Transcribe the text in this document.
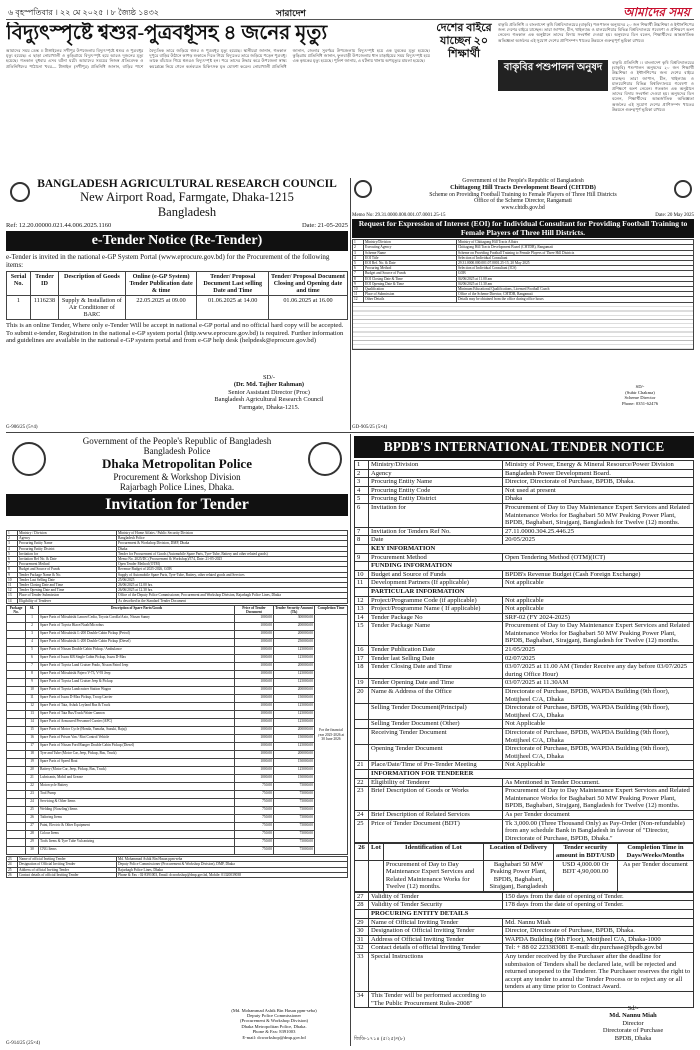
৬ বৃহস্পতিবার । ২২ মে ২০২৫ । ৮ জ্যৈষ্ঠ ১৪৩২	সারাদেশ	আমাদের সময়
বিদ্যুৎস্পৃষ্টে শ্বশুর-পুত্রবধূসহ ৪ জনের মৃত্যু
আমাদের সময় ডেস্ক ।। টাঙ্গাইলের সখীপুর উপজেলায় বিদ্যুৎস্পৃষ্টে শ্বশুর ও পুত্রবধূর মৃত্যু হয়েছে। এ ছাড়া নোয়াখালী ও কুড়িগ্রামে বিদ্যুৎস্পৃষ্ট হয়ে আরও দুজনের মৃত্যু হয়েছে। গতকাল বুধবার এসব ঘটনা ঘটে। আমাদের সময়ের নিজস্ব প্রতিবেদক ও প্রতিনিধিদের পাঠানো খবর— টাঙ্গাইল (সখীপুর) প্রতিনিধি জানান, বাড়ির পাশে বৈদ্যুতিক তারে জড়িয়ে শ্বশুর ও পুত্রবধূর মৃত্যু হয়েছে। স্থানীয়রা জানান, গতকাল দুপুরে বাড়ির উঠানে কাপড় শুকাতে দিতে গিয়ে বিদ্যুতের তারে জড়িয়ে পড়েন পুত্রবধূ। তাকে বাঁচাতে গিয়ে শ্বশুরও বিদ্যুৎস্পৃষ্ট হন। পরে তাদের উদ্ধার করে উপজেলা স্বাস্থ্য কমপ্লেক্সে নিয়ে গেলে কর্তব্যরত চিকিৎসক মৃত ঘোষণা করেন। নোয়াখালী প্রতিনিধি জানান, জেলার সুবর্ণচর উপজেলায় বিদ্যুৎস্পৃষ্ট হয়ে এক যুবকের মৃত্যু হয়েছে। কুড়িগ্রাম প্রতিনিধি জানান, ফুলবাড়ী উপজেলায় ধান মাড়াইয়ের সময় বিদ্যুৎস্পৃষ্ট হয়ে এক কৃষকের মৃত্যু হয়েছে। পুলিশ জানায়, এ ঘটনায় থানায় অপমৃত্যুর মামলা হয়েছে।
দেশের বাইরে যাচ্ছেন ২০ শিক্ষার্থী
বাকৃবির পশুপালন অনুষদ
বাকৃবি প্রতিনিধি ।। বাংলাদেশ কৃষি বিশ্ববিদ্যালয়ের (বাকৃবি) পশুপালন অনুষদের ২০ জন শিক্ষার্থী উচ্চশিক্ষা ও ইন্টার্নশিপের জন্য দেশের বাইরে যাচ্ছেন। তারা জাপান, চীন, থাইল্যান্ড ও মালয়েশিয়ার বিভিন্ন বিশ্ববিদ্যালয়ে গবেষণা ও প্রশিক্ষণে অংশ নেবেন। গতকাল এক অনুষ্ঠানে তাদের বিদায় সংবর্ধনা দেওয়া হয়। অনুষদের ডিন বলেন, শিক্ষার্থীদের আন্তর্জাতিক অভিজ্ঞতা অর্জনের এই সুযোগ দেশের প্রাণিসম্পদ খাতের উন্নয়নে গুরুত্বপূর্ণ ভূমিকা রাখবে।
বাকৃবি প্রতিনিধি ।। বাংলাদেশ কৃষি বিশ্ববিদ্যালয়ের (বাকৃবি) পশুপালন অনুষদের ২০ জন শিক্ষার্থী উচ্চশিক্ষা ও ইন্টার্নশিপের জন্য দেশের বাইরে যাচ্ছেন। তারা জাপান, চীন, থাইল্যান্ড ও মালয়েশিয়ার বিভিন্ন বিশ্ববিদ্যালয়ে গবেষণা ও প্রশিক্ষণে অংশ নেবেন। গতকাল এক অনুষ্ঠানে তাদের বিদায় সংবর্ধনা দেওয়া হয়। অনুষদের ডিন বলেন, শিক্ষার্থীদের আন্তর্জাতিক অভিজ্ঞতা অর্জনের এই সুযোগ দেশের প্রাণিসম্পদ খাতের উন্নয়নে গুরুত্বপূর্ণ ভূমিকা রাখবে।
BANGLADESH AGRICULTURAL RESEARCH COUNCIL
New Airport Road, Farmgate, Dhaka-1215
Bangladesh
Ref: 12.20.00000.021.44.006.2025.1160	Date: 21-05-2025
e-Tender Notice (Re-Tender)
e-Tender is invited in the national e-GP System Portal (www.eprocure.gov.bd) for the Procurement of the following items:
Serial No.	Tender ID	Description of Goods	Online (e-GP System) Tender Publication date & time	Tender/ Proposal Document Last selling Date and Time	Tender/ Proposal Document Closing and Opening date and time
1	1116238	Supply & Installation of Air Conditioner of BARC	22.05.2025 at 09.00	01.06.2025 at 14.00	01.06.2025 at 16.00
This is an online Tender, Where only e-Tender Will be accept in national e-GP portal and no official hard copy will be accepted.
To submit e-tender, Registration in the national e-GP system portal (http.www.eprocure.gov.bd) is required. Further information and guidelines are available in the national e-GP system portal and from e-GP help desk (helpdesk@eprocure.gov.bd)
SD/-
(Dr. Md. Tajher Rahman)
Senior Assistant Director (Proc)
Bangladesh Agricultural Research Council
Farmgate, Dhaka-1215.
G-906/25 (5×4)
Government of the People's Republic of Bangladesh
Chittagong Hill Tracts Development Board (CHTDB)
Scheme on Providing Football Training to Female Players of Three Hill Districts
Office of the Scheme Director, Rangamati
www.chtdb.gov.bd
Memo No: 29.31.0000.000.001.07.0001.25-15	Date: 20 May 2025
Request for Expression of Interest (EOI) for Individual Consultant for Providing Football Training to Female Players of Three Hill Districts.
1	Ministry/Division	Ministry of Chittagong Hill Tracts Affairs
2	Executing Agency	Chittagong Hill Tracts Development Board (CHTDB), Rangamati
3	Scheme Name	Scheme on Providing Football Training to Female Players of Three Hill Districts
4	EOI Title	Selection of Individual Consultant
5	EOI Ref. No. & Date	29.31.0000.000.001.07.0001.25-15, 20 May 2025
6	Procuring Method	Selection of Individual Consultant (ICS)
7	Budget and Source of Funds	GOB
8	EOI Closing Date & Time	04/06/2025 at 11.00 am
9	EOI Opening Date & Time	04/06/2025 at 11.30 am
10	Qualification	Minimum Educational Qualifications, Licensed Football Coach
11	Place of Submission	Office of the Scheme Director, CHTDB, Rangamati
12	Other Details	Details may be obtained from the office during office hours
SD/-
(Subir Chakma)
Scheme Director
Phone: 0351-62476
GD-905/25 (5×4)
Government of the People's Republic of Bangladesh
Bangladesh Police
Dhaka Metropolitan Police
Procurement & Workshop Division
Rajarbagh Police Lines, Dhaka.
Invitation for Tender
1	Ministry / Division	Ministry of Home Affairs / Public Security Division
2	Agency	Bangladesh Police
3	Procuring Entity Name	Procurement & Workshop Division, DMP, Dhaka
4	Procuring Entity District	Dhaka
5	Invitation for	Tender for Procurement of Goods (Automobile Spare Parts, Tyre-Tube, Battery and other related goods)
6	Invitation Ref No. & Date	Memo No. 2025/DC (Procurement & Workshop)/574, Date: 21-05-2025
7	Procurement Method	Open Tender Method (OTM)
8	Budget and Source of Funds	Revenue Budget of 2025-2026, GOB
9	Tender Package Name & No.	Supply of Automobile Spare Parts, Tyre-Tube, Battery, other related goods and Services
10	Tender Last Selling Date	25/06/2025
11	Tender Closing Date and Time	26/06/2025 at 12.00 hrs.
12	Tender Opening Date and Time	26/06/2025 at 12.30 hrs.
13	Place of Tender Submission	Office of the Deputy Police Commissioner, Procurement and Workshop Division, Rajarbagh Police Lines, Dhaka
14	Eligibility of Tenderer	As described in the Standard Tender Document
Package No.	SL	Description of Spare Parts/Goods	Price of Tender Document	Tender Security Amount (Tk)	Completion Time
	1	Spare Parts of Mitsubishi Lancer/Cedia, Toyota Corolla/Axio, Nissan Sunny	1000.00	300000.00	For the financial year 2025-2026 at 30 June 2026
	2	Spare Parts of Toyota Hiace/Noah/Microbus	1000.00	200000.00	
	3	Spare Parts of Mitsubishi L-200 Double Cabin Pickup (Petrol)	1000.00	200000.00	
	4	Spare Parts of Mitsubishi L-200 Double Cabin Pickup (Diesel)	1000.00	250000.00	
	5	Spare Parts of Nissan Double Cabin Pickup / Ambulance	1000.00	125000.00	
	6	Spare Parts of Isuzu KB Single Cabin Pickup, Isuzu D-Max	1000.00	125000.00	
	7	Spare Parts of Toyota Land Cruiser Prado, Nissan Patrol Jeep	1000.00	200000.00	
	8	Spare Parts of Mitsubishi Pajero V-73, V-93 Jeep	1000.00	125000.00	
	9	Spare Parts of Toyota Land Cruiser Jeep & Pickup	1000.00	125000.00	
	10	Spare Parts of Toyota Landcruiser Station Wagon	1000.00	200000.00	
	11	Spare Parts of Isuzu D-Max Pickup, Troop Carrier	1000.00	150000.00	
	12	Spare Parts of Tata, Ashok Leyland Bus & Truck	1000.00	125000.00	
	13	Spare Parts of Tata Bus/Truck/Water Cannon	1000.00	125000.00	
	14	Spare Parts of Armoured Personnel Carrier (APC)	1000.00	125000.00	
	15	Spare Parts of Motor Cycle (Honda, Yamaha, Suzuki, Bajaj)	1000.00	200000.00	
	16	Spare Parts of Prison Van / Riot Control Vehicle	1000.00	150000.00	
	17	Spare Parts of Nissan Ford Ranger Double Cabin Pickup (Diesel)	1000.00	125000.00	
	18	Tyre and Tube (Motor Car, Jeep, Pickup, Bus, Truck)	1000.00	200000.00	
	19	Spare Parts of Speed Boat	1000.00	150000.00	
	20	Battery (Motor Car, Jeep, Pickup, Bus, Truck)	1000.00	125000.00	
	21	Lubricants, Mobil and Grease	1000.00	150000.00	
	22	Motorcycle Battery	750.00	75000.00	
	23	Tool Pump	750.00	75000.00	
	24	Servicing & Other Items	750.00	75000.00	
	25	Welding (Nozzling) Items	750.00	75000.00	
	26	Tailoring Items	750.00	75000.00	
	27	Paint, Electric & Other Equipment	750.00	75000.00	
	28	Colour Items	750.00	75000.00	
	29	Tools Items & Tyre Tube Vulcanizing	750.00	75000.00	
	30	CNG Items	750.00	75000.00	
23	Name of official Inviting Tender	Md. Mohammad Ashik Bin Hasan ppm-seba
24	Designation of Official Inviting Tender	Deputy Police Commissioner (Procurement & Workshop Division), DMP, Dhaka
25	Address of official Inviting Tender	Rajarbagh Police Lines, Dhaka
26	Contact details of official Inviting Tender	Phone & Fax : 02-8391003, Email: dcworkshop@dmp.gov.bd, Mobile: 01320039038
(Md. Mohammad Ashik Bin Hasan ppm-seba)
Deputy Police Commissioner
(Procurement & Workshop Division)
Dhaka Metropolitan Police, Dhaka.
Phone & Fax: 8391003
E-mail: dcworkshop@dmp.gov.bd
G-914/25 (25×4)
BPDB'S INTERNATIONAL TENDER NOTICE
1	Ministry/Division	Ministry of Power, Energy & Mineral Resource/Power Division
2	Agency	Bangladesh Power Development Board.
3	Procuring Entity Name	Director, Directorate of Purchase, BPDB, Dhaka.
4	Procuring Entity Code	Not used at present
5	Procuring Entity District	Dhaka
6	Invitation for	Procurement of Day to Day Maintenance Expert Services and Related Maintenance Works for Baghabari 50 MW Peaking Power Plant, BPDB, Baghabari, Sirajganj, Bangladesh for Twelve (12) months.
7	Invitation for Tenders Ref No.	27.11.0000.304.25.446.25
8	Date	20/05/2025
	KEY INFORMATION	
9	Procurement Method	Open Tendering Method (OTM)(ICT)
	FUNDING INFORMATION	
10	Budget and Source of Funds	BPDB's Revenue Budget (Cash Foreign Exchange)
11	Development Partners (If applicable)	Not applicable
	PARTICULAR INFORMATION	
12	Project/Programme Code (if applicable)	Not applicable
13	Project/Programme Name ( If applicable)	Not applicable
14	Tender Package No	SRF-02 (FY 2024-2025)
15	Tender Package Name	Procurement of Day to Day Maintenance Expert Services and Related Maintenance Works for Baghabari 50 MW Peaking Power Plant, BPDB, Baghabari, Sirajganj, Bangladesh for Twelve (12) months.
16	Tender Publication Date	21/05/2025
17	Tender last Selling Date	02/07/2025
18	Tender Closing Date and Time	03/07/2025 at 11.00 AM (Tender Receive any day before 03/07/2025 during Office Hour)
19	Tender Opening Date and Time	03/07/2025 at 11.30AM
20	Name & Address of the Office	Directorate of Purchase, BPDB, WAPDA Building (9th floor), Motijheel C/A, Dhaka
	Selling Tender Document(Principal)	Directorate of Purchase, BPDB, WAPDA Building (9th floor), Motijheel C/A, Dhaka
	Selling Tender Document (Other)	Not Applicable
	Receiving Tender Document	Directorate of Purchase, BPDB, WAPDA Building (9th floor), Motijheel C/A, Dhaka
	Opening Tender Document	Directorate of Purchase, BPDB, WAPDA Building (9th floor), Motijheel C/A, Dhaka
21	Place/Date/Time of Pre-Tender Meeting	Not Applicable
	INFORMATION FOR TENDERER	
22	Eligibility of Tenderer	As Mentioned in Tender Document.
23	Brief Description of Goods or Works	Procurement of Day to Day Maintenance Expert Services and Related Maintenance Works for Baghabari 50 MW Peaking Power Plant, BPDB, Baghabari, Sirajganj, Bangladesh for Twelve (12) months.
24	Brief Description of Related Services	As per Tender document
25	Price of Tender Document (BDT)	Tk 3,000.00 (Three Thousand Only) as Pay-Order (Non-refundable) from any schedule Bank in Bangladesh in favour of "Director, Directorate of Purchase, BPDB, Dhaka."
26	Lot	Identification of Lot	Location of Delivery	Tender security amount in BDT/USD	Completion Time in Days/Weeks/Months
		Procurement of Day to Day Maintenance Expert Services and Related Maintenance Works for Twelve (12) months.	Baghabari 50 MW Peaking Power Plant, BPDB, Baghabari, Sirajganj, Bangladesh	USD 4,000.00 Or BDT 4,90,000.00	As per Tender document
27	Validity of Tender	150 days from the date of opening of Tender.
28	Validity of Tender Security	178 days from the date of opening of Tender.
	PROCURING ENTITY DETAILS	
29	Name of Official Inviting Tender	Md. Nannu Miah
30	Designation of Official Inviting Tender	Director, Directorate of Purchase, BPDB, Dhaka.
31	Address of Official Inviting Tender	WAPDA Building (9th Floor), Motijheel C/A, Dhaka-1000
32	Contact details of official Inviting Tender	Tel: + 88 02 223383081 E-mail: dir.purchase@bpdb.gov.bd
33	Special Instructions	Any tender received by the Purchaser after the deadline for submission of Tenders shall be declared late, will be rejected and returned unopened to the Tenderer. The Purchaser reserves the right to accept any tender to annul the Tender Process or to reject any or all tenders at any time prior to Contract Award.
34	This Tender will be performed according to "The Public Procurement Rules-2008"	
Sd/-
Md. Nannu Miah
Director
Directorate of Purchase
BPDB, Dhaka
জিডি-১৭১৪ (৫/২৫)×(৮)
